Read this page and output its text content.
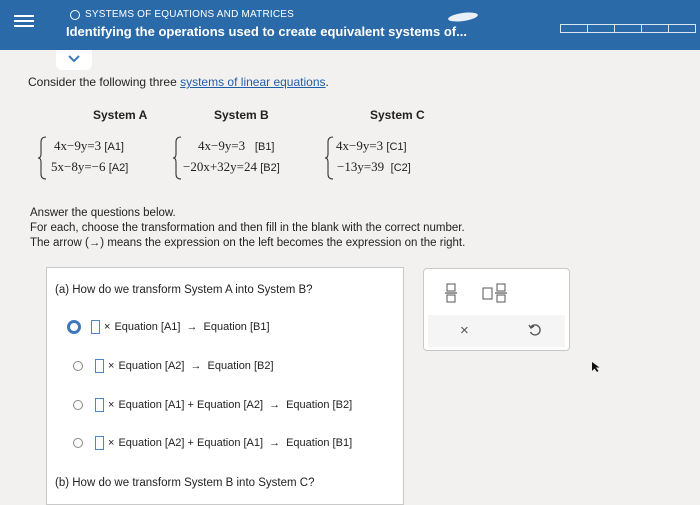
SYSTEMS OF EQUATIONS AND MATRICES
Identifying the operations used to create equivalent systems of...
Consider the following three systems of linear equations.
System A	System B	System C
4x−9y=3 [A1]
5x−8y=−6 [A2]
4x−9y=3 [B1]
−20x+32y=24 [B2]
4x−9y=3 [C1]
−13y=39 [C2]
Answer the questions below.
For each, choose the transformation and then fill in the blank with the correct number.
The arrow (→) means the expression on the left becomes the expression on the right.
(a) How do we transform System A into System B?
× Equation [A1] → Equation [B1]
× Equation [A2] → Equation [B2]
× Equation [A1] + Equation [A2] → Equation [B2]
× Equation [A2] + Equation [A1] → Equation [B1]
(b) How do we transform System B into System C?
×
